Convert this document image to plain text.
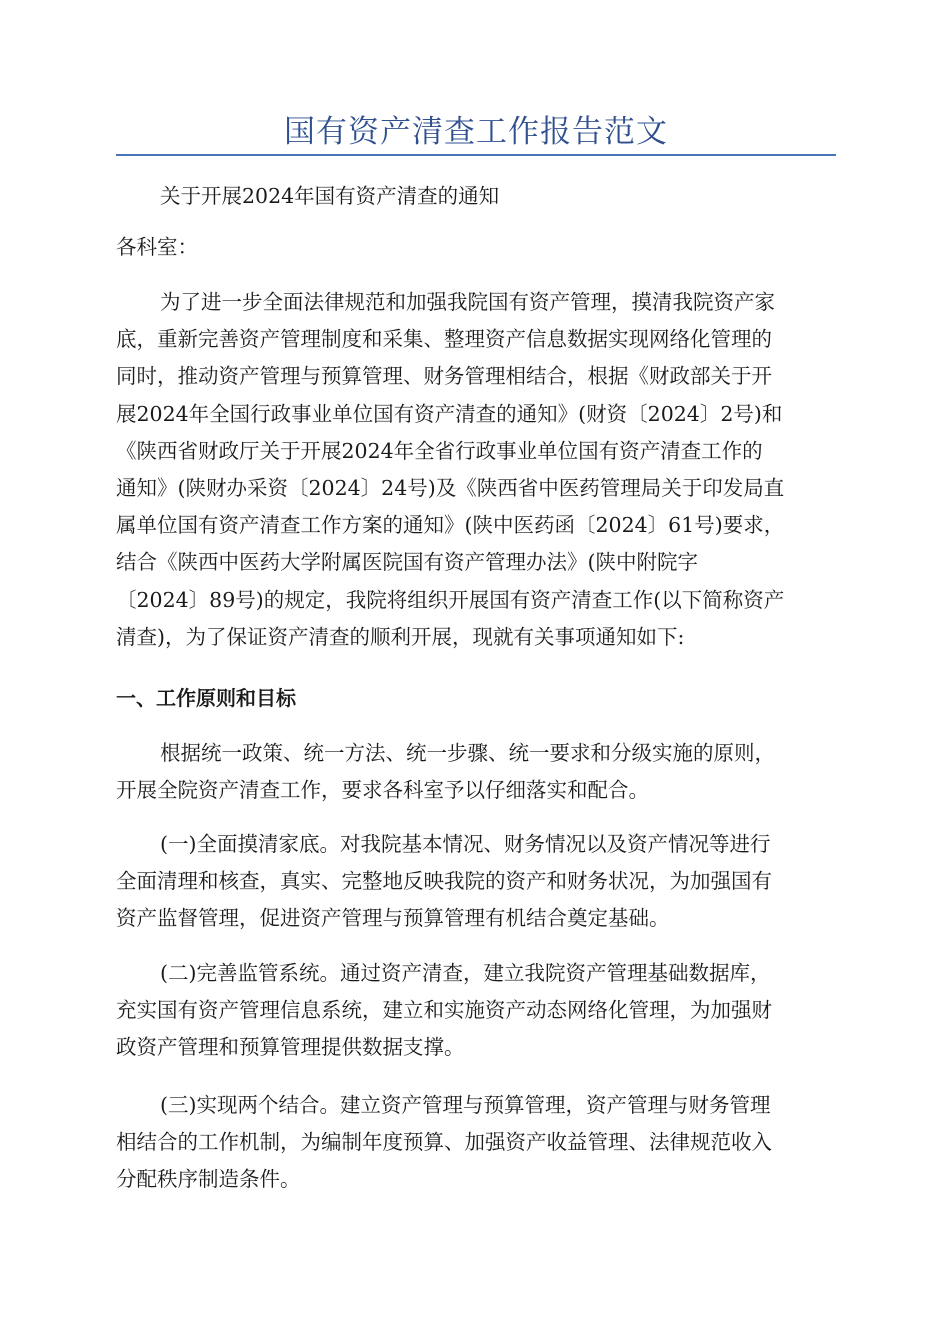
国有资产清查工作报告范文

关于开展2024年国有资产清查的通知

各科室：

为了进一步全面法律规范和加强我院国有资产管理，摸清我院资产家
底，重新完善资产管理制度和采集、整理资产信息数据实现网络化管理的
同时，推动资产管理与预算管理、财务管理相结合，根据《财政部关于开
展2024年全国行政事业单位国有资产清查的通知》(财资〔2024〕2号)和
《陕西省财政厅关于开展2024年全省行政事业单位国有资产清查工作的
通知》(陕财办采资〔2024〕24号)及《陕西省中医药管理局关于印发局直
属单位国有资产清查工作方案的通知》(陕中医药函〔2024〕61号)要求，
结合《陕西中医药大学附属医院国有资产管理办法》(陕中附院字
〔2024〕89号)的规定，我院将组织开展国有资产清查工作(以下简称资产
清查)，为了保证资产清查的顺利开展，现就有关事项通知如下:

一、工作原则和目标

根据统一政策、统一方法、统一步骤、统一要求和分级实施的原则，
开展全院资产清查工作，要求各科室予以仔细落实和配合。

(一)全面摸清家底。对我院基本情况、财务情况以及资产情况等进行
全面清理和核查，真实、完整地反映我院的资产和财务状况，为加强国有
资产监督管理，促进资产管理与预算管理有机结合奠定基础。

(二)完善监管系统。通过资产清查，建立我院资产管理基础数据库，
充实国有资产管理信息系统，建立和实施资产动态网络化管理，为加强财
政资产管理和预算管理提供数据支撑。

(三)实现两个结合。建立资产管理与预算管理，资产管理与财务管理
相结合的工作机制，为编制年度预算、加强资产收益管理、法律规范收入
分配秩序制造条件。
